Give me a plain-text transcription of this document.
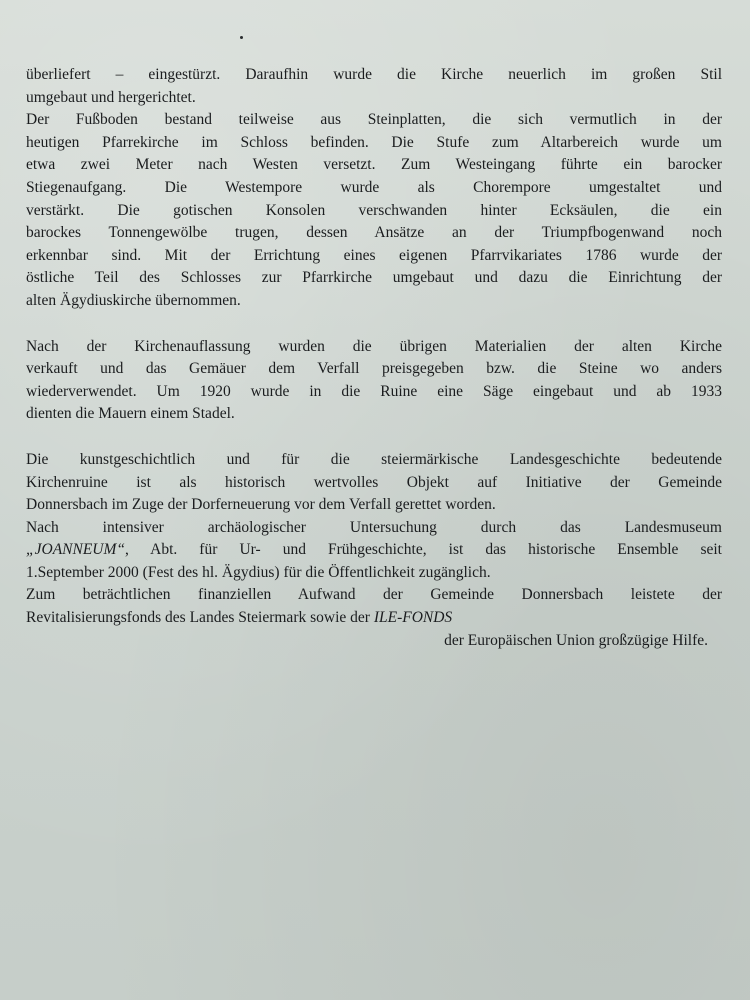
überliefert – eingestürzt. Daraufhin wurde die Kirche neuerlich im großen Stil
umgebaut und hergerichtet.

Der Fußboden bestand teilweise aus Steinplatten, die sich vermutlich in der
heutigen Pfarrekirche im Schloss befinden. Die Stufe zum Altarbereich wurde um
etwa zwei Meter nach Westen versetzt. Zum Westeingang führte ein barocker
Stiegenaufgang. Die Westempore wurde als Chorempore umgestaltet und
verstärkt. Die gotischen Konsolen verschwanden hinter Ecksäulen, die ein
barockes Tonnengewölbe trugen, dessen Ansätze an der Triumpfbogenwand noch
erkennbar sind. Mit der Errichtung eines eigenen Pfarrvikariates 1786 wurde der
östliche Teil des Schlosses zur Pfarrkirche umgebaut und dazu die Einrichtung der
alten Ägydiuskirche übernommen.

Nach der Kirchenauflassung wurden die übrigen Materialien der alten Kirche
verkauft und das Gemäuer dem Verfall preisgegeben bzw. die Steine wo anders
wiederverwendet. Um 1920 wurde in die Ruine eine Säge eingebaut und ab 1933
dienten die Mauern einem Stadel.

Die kunstgeschichtlich und für die steiermärkische Landesgeschichte bedeutende
Kirchenruine ist als historisch wertvolles Objekt auf Initiative der Gemeinde
Donnersbach im Zuge der Dorferneuerung vor dem Verfall gerettet worden.

Nach intensiver archäologischer Untersuchung durch das Landesmuseum
„JOANNEUM“, Abt. für Ur- und Frühgeschichte, ist das historische Ensemble seit
1.September 2000 (Fest des hl. Ägydius) für die Öffentlichkeit zugänglich.
Zum beträchtlichen finanziellen Aufwand der Gemeinde Donnersbach leistete der
Revitalisierungsfonds des Landes Steiermark sowie der ILE-FONDS

der Europäischen Union großzügige Hilfe.
